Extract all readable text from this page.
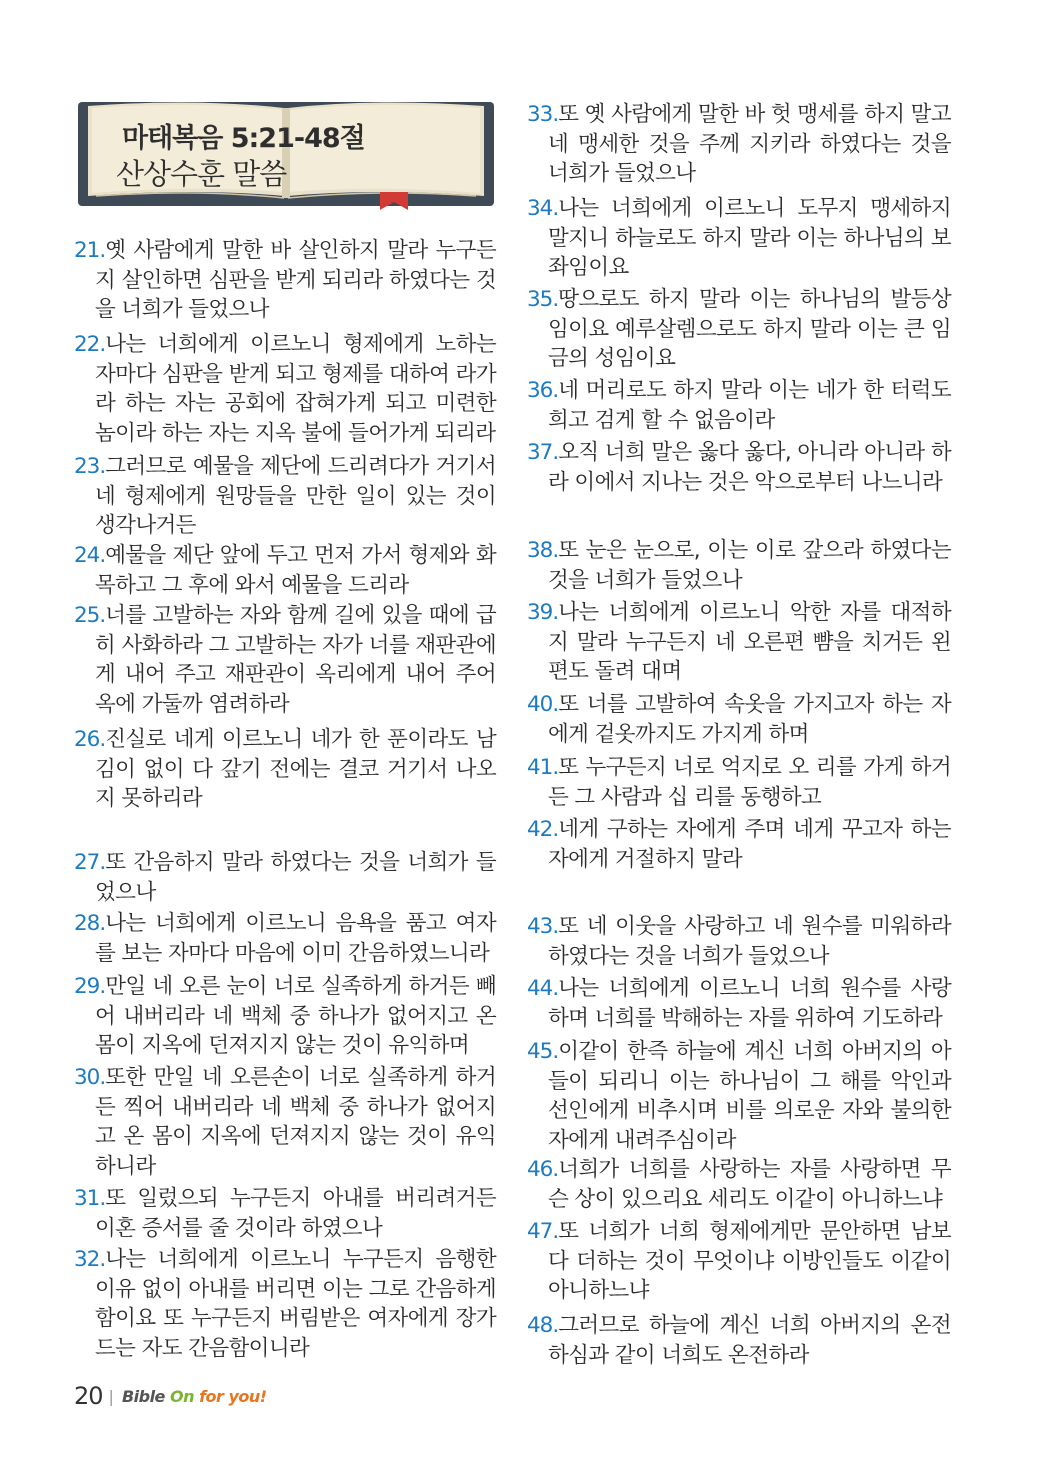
마태복음 5:21-48절
산상수훈 말씀
21.옛 사람에게 말한 바 살인하지 말라 누구든지 살인하면 심판을 받게 되리라 하였다는 것을 너희가 들었으나
22.나는 너희에게 이르노니 형제에게 노하는 자마다 심판을 받게 되고 형제를 대하여 라가라 하는 자는 공회에 잡혀가게 되고 미련한 놈이라 하는 자는 지옥 불에 들어가게 되리라
23.그러므로 예물을 제단에 드리려다가 거기서 네 형제에게 원망들을 만한 일이 있는 것이 생각나거든
24.예물을 제단 앞에 두고 먼저 가서 형제와 화목하고 그 후에 와서 예물을 드리라
25.너를 고발하는 자와 함께 길에 있을 때에 급히 사화하라 그 고발하는 자가 너를 재판관에게 내어 주고 재판관이 옥리에게 내어 주어 옥에 가둘까 염려하라
26.진실로 네게 이르노니 네가 한 푼이라도 남김이 없이 다 갚기 전에는 결코 거기서 나오지 못하리라
27.또 간음하지 말라 하였다는 것을 너희가 들었으나
28.나는 너희에게 이르노니 음욕을 품고 여자를 보는 자마다 마음에 이미 간음하였느니라
29.만일 네 오른 눈이 너로 실족하게 하거든 빼어 내버리라 네 백체 중 하나가 없어지고 온 몸이 지옥에 던져지지 않는 것이 유익하며
30.또한 만일 네 오른손이 너로 실족하게 하거든 찍어 내버리라 네 백체 중 하나가 없어지고 온 몸이 지옥에 던져지지 않는 것이 유익하니라
31.또 일렀으되 누구든지 아내를 버리려거든 이혼 증서를 줄 것이라 하였으나
32.나는 너희에게 이르노니 누구든지 음행한 이유 없이 아내를 버리면 이는 그로 간음하게 함이요 또 누구든지 버림받은 여자에게 장가 드는 자도 간음함이니라
33.또 옛 사람에게 말한 바 헛 맹세를 하지 말고 네 맹세한 것을 주께 지키라 하였다는 것을 너희가 들었으나
34.나는 너희에게 이르노니 도무지 맹세하지 말지니 하늘로도 하지 말라 이는 하나님의 보좌임이요
35.땅으로도 하지 말라 이는 하나님의 발등상임이요 예루살렘으로도 하지 말라 이는 큰 임금의 성임이요
36.네 머리로도 하지 말라 이는 네가 한 터럭도 희고 검게 할 수 없음이라
37.오직 너희 말은 옳다 옳다, 아니라 아니라 하라 이에서 지나는 것은 악으로부터 나느니라
38.또 눈은 눈으로, 이는 이로 갚으라 하였다는 것을 너희가 들었으나
39.나는 너희에게 이르노니 악한 자를 대적하지 말라 누구든지 네 오른편 뺨을 치거든 왼편도 돌려 대며
40.또 너를 고발하여 속옷을 가지고자 하는 자에게 겉옷까지도 가지게 하며
41.또 누구든지 너로 억지로 오 리를 가게 하거든 그 사람과 십 리를 동행하고
42.네게 구하는 자에게 주며 네게 꾸고자 하는 자에게 거절하지 말라
43.또 네 이웃을 사랑하고 네 원수를 미워하라 하였다는 것을 너희가 들었으나
44.나는 너희에게 이르노니 너희 원수를 사랑하며 너희를 박해하는 자를 위하여 기도하라
45.이같이 한즉 하늘에 계신 너희 아버지의 아들이 되리니 이는 하나님이 그 해를 악인과 선인에게 비추시며 비를 의로운 자와 불의한 자에게 내려주심이라
46.너희가 너희를 사랑하는 자를 사랑하면 무슨 상이 있으리요 세리도 이같이 아니하느냐
47.또 너희가 너희 형제에게만 문안하면 남보다 더하는 것이 무엇이냐 이방인들도 이같이 아니하느냐
48.그러므로 하늘에 계신 너희 아버지의 온전하심과 같이 너희도 온전하라
20 | Bible On for you!
